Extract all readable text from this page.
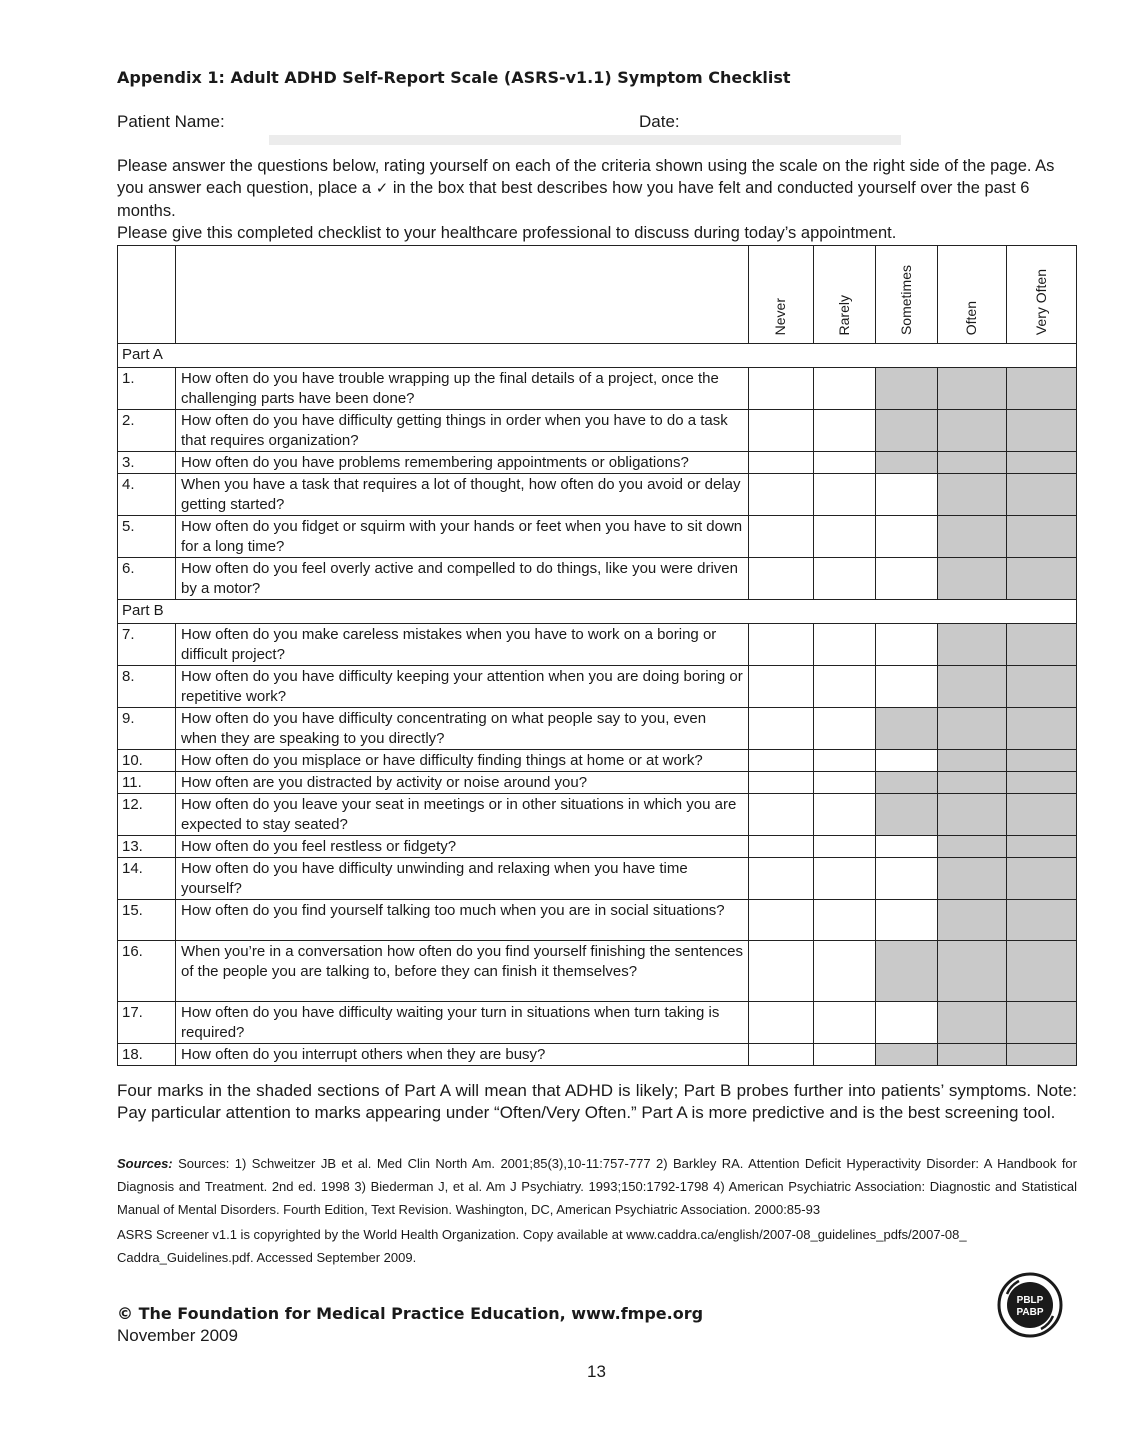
Appendix 1: Adult ADHD Self-Report Scale (ASRS-v1.1) Symptom Checklist
Patient Name:	Date:

Please answer the questions below, rating yourself on each of the criteria shown using the scale on the right side of the page. As you answer each question, place a ✓ in the box that best describes how you have felt and conducted yourself over the past 6 months.

Please give this completed checklist to your healthcare professional to discuss during today’s appointment.

		Never	Rarely	Sometimes	Often	Very Often

Part A						
1.	How often do you have trouble wrapping up the final details of a project, once the challenging parts have been done?					
2.	How often do you have difficulty getting things in order when you have to do a task that requires organization?					
3.	How often do you have problems remembering appointments or obligations?					
4.	When you have a task that requires a lot of thought, how often do you avoid or delay getting started?					
5.	How often do you fidget or squirm with your hands or feet when you have to sit down for a long time?					
6.	How often do you feel overly active and compelled to do things, like you were driven by a motor?					
Part B						
7.	How often do you make careless mistakes when you have to work on a boring or difficult project?					
8.	How often do you have difficulty keeping your attention when you are doing boring or repetitive work?					
9.	How often do you have difficulty concentrating on what people say to you, even when they are speaking to you directly?					
10.	How often do you misplace or have difficulty finding things at home or at work?					
11.	How often are you distracted by activity or noise around you?					
12.	How often do you leave your seat in meetings or in other situations in which you are expected to stay seated?					
13.	How often do you feel restless or fidgety?					
14.	How often do you have difficulty unwinding and relaxing when you have time yourself?					
15.	How often do you find yourself talking too much when you are in social situations?					
16.	When you’re in a conversation how often do you find yourself finishing the sentences of the people you are talking to, before they can finish it themselves?					
17.	How often do you have difficulty waiting your turn in situations when turn taking is required?					
18.	How often do you interrupt others when they are busy?					
Four marks in the shaded sections of Part A will mean that ADHD is likely; Part B probes further into patients’ symptoms. Note: Pay particular attention to marks appearing under “Often/Very Often.” Part A is more predictive and is the best screening tool.
Sources: Sources: 1) Schweitzer JB et al. Med Clin North Am. 2001;85(3),10-11:757-777 2) Barkley RA. Attention Deficit Hyperactivity Disorder: A Handbook for Diagnosis and Treatment. 2nd ed. 1998 3) Biederman J, et al. Am J Psychiatry. 1993;150:1792-1798 4) American Psychiatric Association: Diagnostic and Statistical Manual of Mental Disorders. Fourth Edition, Text Revision. Washington, DC, American Psychiatric Association. 2000:85-93
ASRS Screener v1.1 is copyrighted by the World Health Organization. Copy available at www.caddra.ca/english/2007-08_guidelines_pdfs/2007-08_ Caddra_Guidelines.pdf. Accessed September 2009.
© The Foundation for Medical Practice Education, www.fmpe.org
November 2009
13
PBLP
PABP
